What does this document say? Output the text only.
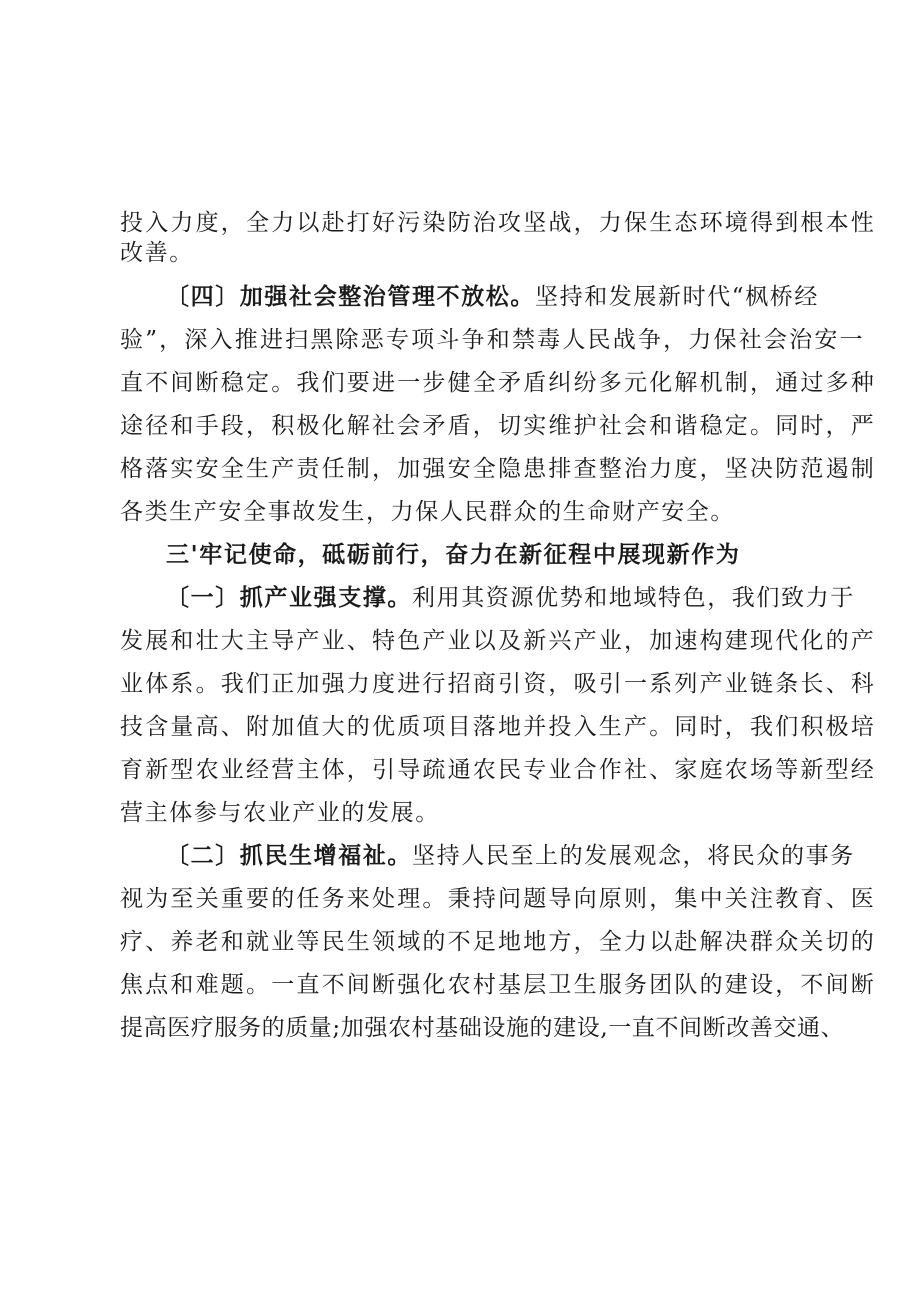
投入力度，全力以赴打好污染防治攻坚战，力保生态环境得到根本性
改善。
〔四〕加强社会整治管理不放松。坚持和发展新时代“枫桥经
验”，深入推进扫黑除恶专项斗争和禁毒人民战争，力保社会治安一
直不间断稳定。我们要进一步健全矛盾纠纷多元化解机制，通过多种
途径和手段，积极化解社会矛盾，切实维护社会和谐稳定。同时，严
格落实安全生产责任制，加强安全隐患排查整治力度，坚决防范遏制
各类生产安全事故发生，力保人民群众的生命财产安全。
三'牢记使命，砥砺前行，奋力在新征程中展现新作为
〔一〕抓产业强支撑。利用其资源优势和地域特色，我们致力于
发展和壮大主导产业、特色产业以及新兴产业，加速构建现代化的产
业体系。我们正加强力度进行招商引资，吸引一系列产业链条长、科
技含量高、附加值大的优质项目落地并投入生产。同时，我们积极培
育新型农业经营主体，引导疏通农民专业合作社、家庭农场等新型经
营主体参与农业产业的发展。
〔二〕抓民生增福祉。坚持人民至上的发展观念，将民众的事务
视为至关重要的任务来处理。秉持问题导向原则，集中关注教育、医
疗、养老和就业等民生领域的不足地地方，全力以赴解决群众关切的
焦点和难题。一直不间断强化农村基层卫生服务团队的建设，不间断
提高医疗服务的质量;加强农村基础设施的建设,一直不间断改善交通、
